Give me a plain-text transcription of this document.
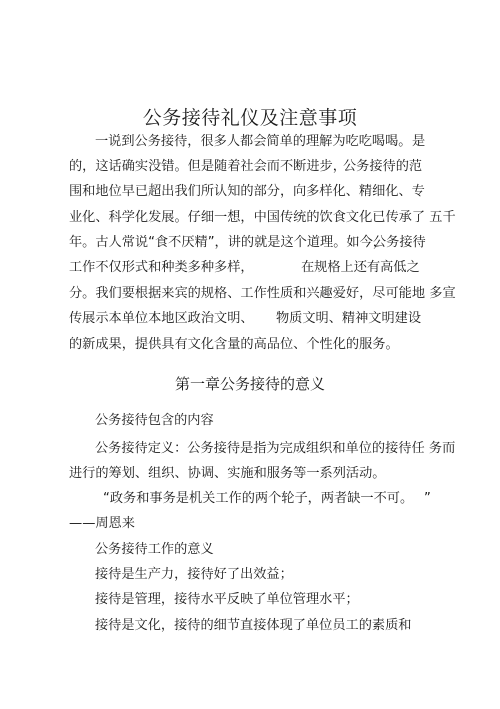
公务接待礼仪及注意事项
一说到公务接待，很多人都会简单的理解为吃吃喝喝。 是
的，这话确实没错。但是随着社会而不断进步，
公务接待的范
围和地位早已超出我们所认知的部分， 向多样化、精细化、专
业化、科学化发展。仔细一想，中国传统的饮食文化已传承了 五千
年。古人常说“食不厌精”，讲的就是这个道理。如今，
公务接待
工作不仅形式和种类多种多样，	在规格上还有高低之
分。我们要根据来宾的规格、工作性质和兴趣爱好，尽可能地 多宣
传展示本单位本地区政治文明、 物质文明、精神文明建设
的新成果，提供具有文化含量的高品位、个性化的服务。
第一章公务接待的意义
公务接待包含的内容
公务接待定义：公务接待是指为完成组织和单位的接待任 务而
进行的筹划、组织、协调、实施和服务等一系列活动。
“政务和事务是机关工作的两个轮子，两者缺一不可。 ”
——周恩来
公务接待工作的意义
接待是生产力，接待好了出效益；
接待是管理，接待水平反映了单位管理水平；
接待是文化，接待的细节直接体现了单位员工的素质和
